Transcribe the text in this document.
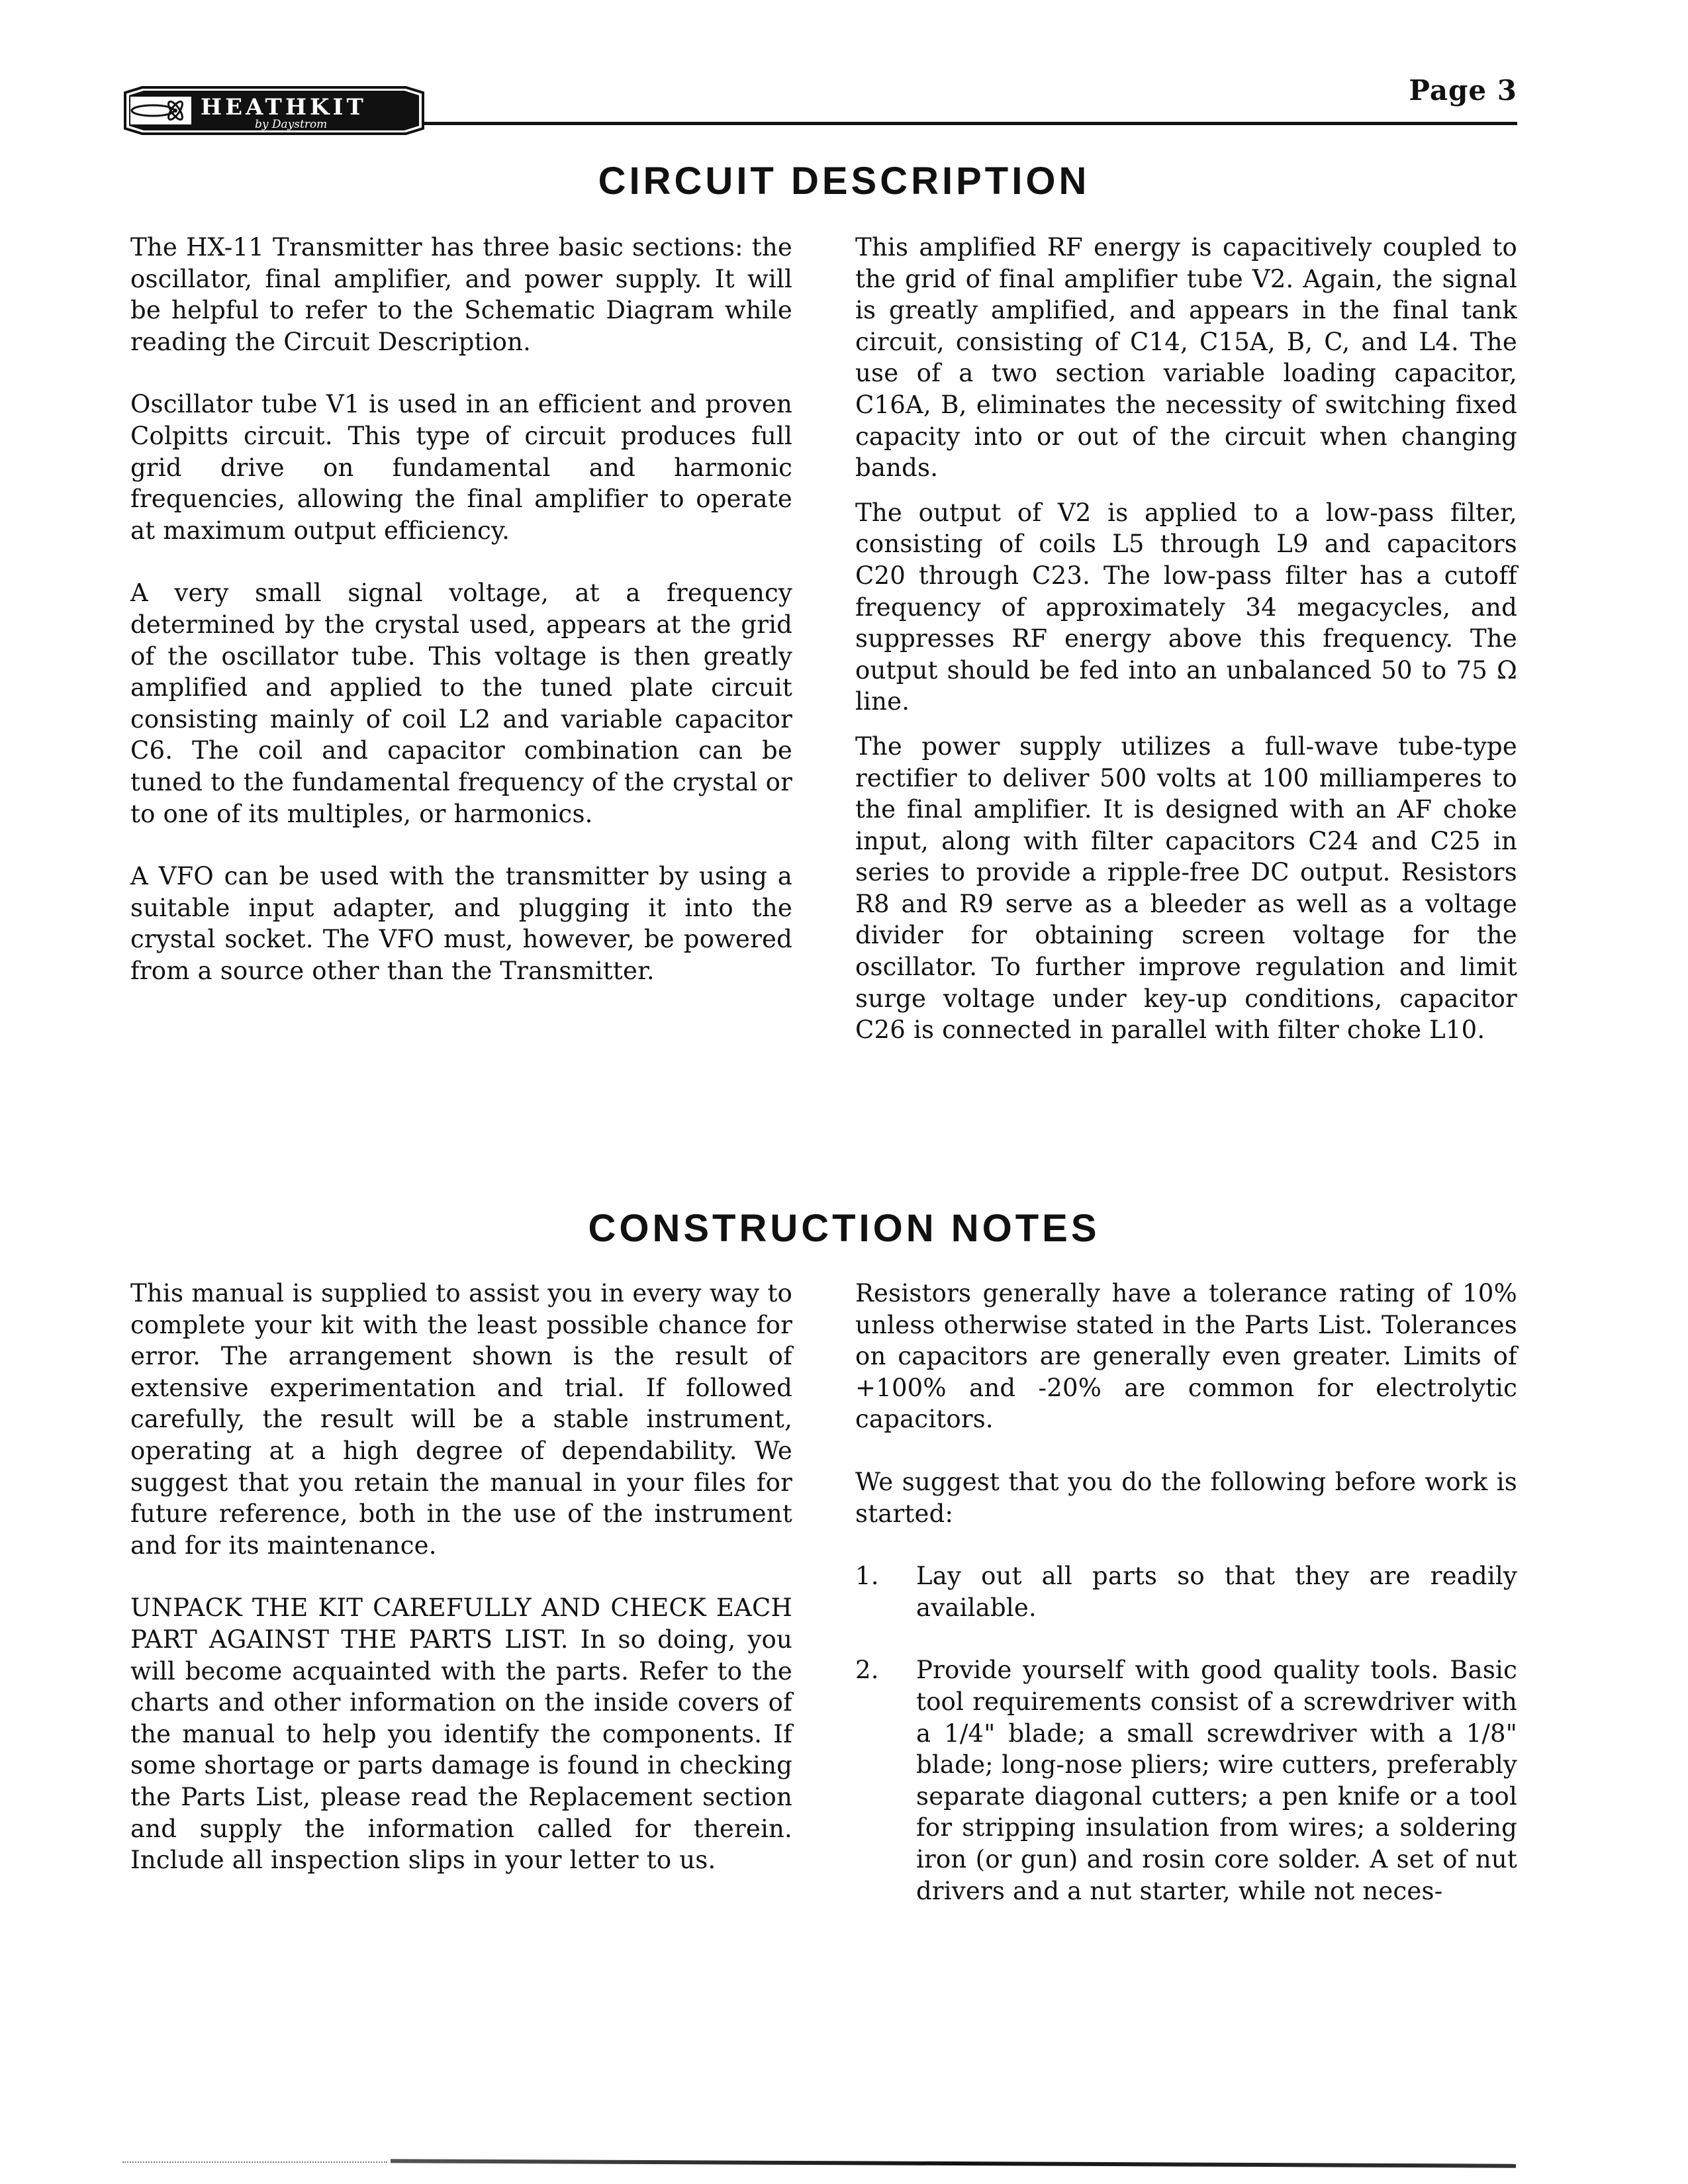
HEATHKIT
by Daystrom
Page 3
CIRCUIT DESCRIPTION

The HX-11 Transmitter has three basic sections: the oscillator, final amplifier, and power supply. It will be helpful to refer to the Schematic Diagram while reading the Circuit Description.

Oscillator tube V1 is used in an efficient and proven Colpitts circuit. This type of circuit produces full grid drive on fundamental and harmonic frequencies, allowing the final amplifier to operate at maximum output efficiency.

A very small signal voltage, at a frequency determined by the crystal used, appears at the grid of the oscillator tube. This voltage is then greatly amplified and applied to the tuned plate circuit consisting mainly of coil L2 and variable capacitor C6. The coil and capacitor combination can be tuned to the fundamental frequency of the crystal or to one of its multiples, or harmonics.

A VFO can be used with the transmitter by using a suitable input adapter, and plugging it into the crystal socket. The VFO must, however, be powered from a source other than the Transmitter.

This amplified RF energy is capacitively coupled to the grid of final amplifier tube V2. Again, the signal is greatly amplified, and appears in the final tank circuit, consisting of C14, C15A, B, C, and L4. The use of a two section variable loading capacitor, C16A, B, eliminates the necessity of switching fixed capacity into or out of the circuit when changing bands.

The output of V2 is applied to a low-pass filter, consisting of coils L5 through L9 and capacitors C20 through C23. The low-pass filter has a cutoff frequency of approximately 34 megacycles, and suppresses RF energy above this frequency. The output should be fed into an unbalanced 50 to 75 Ω line.

The power supply utilizes a full-wave tube-type rectifier to deliver 500 volts at 100 milliamperes to the final amplifier. It is designed with an AF choke input, along with filter capacitors C24 and C25 in series to provide a ripple-free DC output. Resistors R8 and R9 serve as a bleeder as well as a voltage divider for obtaining screen voltage for the oscillator. To further improve regulation and limit surge voltage under key-up conditions, capacitor C26 is connected in parallel with filter choke L10.

CONSTRUCTION NOTES

This manual is supplied to assist you in every way to complete your kit with the least possible chance for error. The arrangement shown is the result of extensive experimentation and trial. If followed carefully, the result will be a stable instrument, operating at a high degree of dependability. We suggest that you retain the manual in your files for future reference, both in the use of the instrument and for its maintenance.

UNPACK THE KIT CAREFULLY AND CHECK EACH PART AGAINST THE PARTS LIST. In so doing, you will become acquainted with the parts. Refer to the charts and other information on the inside covers of the manual to help you identify the components. If some shortage or parts damage is found in checking the Parts List, please read the Replacement section and supply the information called for therein. Include all inspection slips in your letter to us.

Resistors generally have a tolerance rating of 10% unless otherwise stated in the Parts List. Tolerances on capacitors are generally even greater. Limits of +100% and -20% are common for electrolytic capacitors.

We suggest that you do the following before work is started:

1.	Lay out all parts so that they are readily available.
2.	Provide yourself with good quality tools. Basic tool requirements consist of a screwdriver with a 1/4" blade; a small screwdriver with a 1/8" blade; long-nose pliers; wire cutters, preferably separate diagonal cutters; a pen knife or a tool for stripping insulation from wires; a soldering iron (or gun) and rosin core solder. A set of nut drivers and a nut starter, while not neces-
